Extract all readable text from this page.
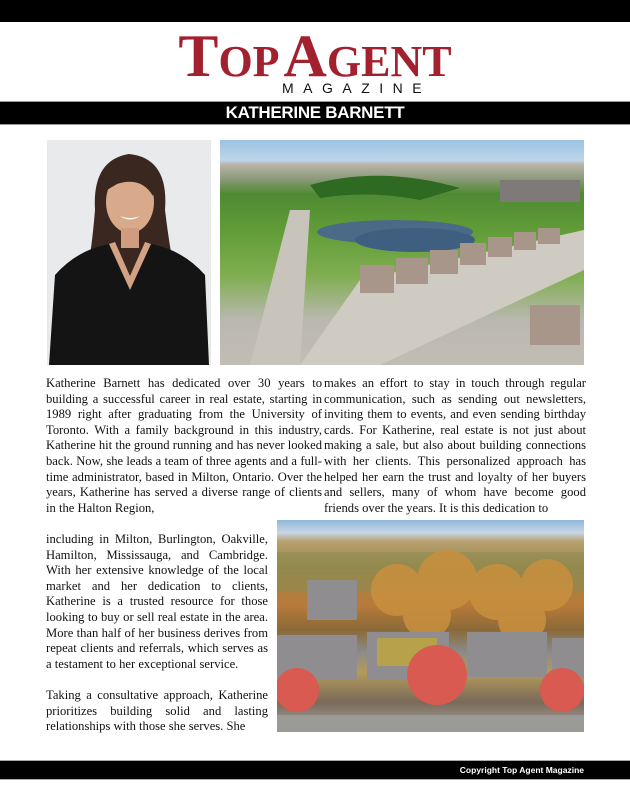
TOP AGENT
MAGAZINE
KATHERINE BARNETT

Katherine Barnett has dedicated over 30 years to building a successful career in real estate, starting in 1989 right after graduating from the University of Toronto. With a family background in this industry, Katherine hit the ground running and has never looked back. Now, she leads a team of three agents and a full-time administrator, based in Milton, Ontario. Over the years, Katherine has served a diverse range of clients in the Halton Region,

including in Milton, Burlington, Oakville, Hamilton, Mississauga, and Cambridge. With her extensive knowledge of the local market and her dedication to clients, Katherine is a trusted resource for those looking to buy or sell real estate in the area. More than half of her business derives from repeat clients and referrals, which serves as a testament to her exceptional service.

Taking a consultative approach, Katherine prioritizes building solid and lasting relationships with those she serves. She

makes an effort to stay in touch through regular communication, such as sending out newsletters, inviting them to events, and even sending birthday cards. For Katherine, real estate is not just about making a sale, but also about building connections with her clients. This personalized approach has helped her earn the trust and loyalty of her buyers and sellers, many of whom have become good friends over the years. It is this dedication to

Copyright Top Agent Magazine
